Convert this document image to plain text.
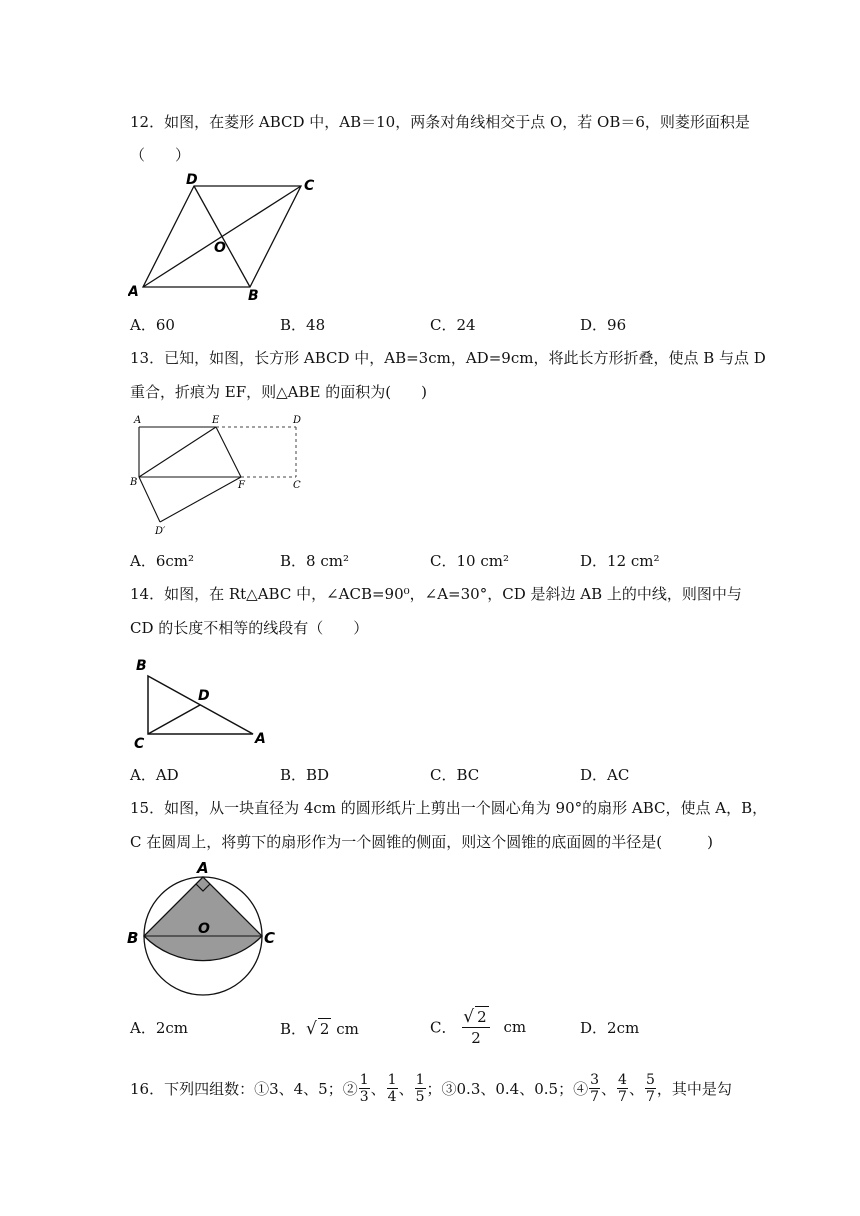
12．如图，在菱形 ABCD 中，AB＝10，两条对角线相交于点 O，若 OB＝6，则菱形面积是
（　　）
D	C
O
A	B
A．60	B．48	C．24	D．96
13．已知，如图，长方形 ABCD 中，AB=3cm，AD=9cm，将此长方形折叠，使点 B 与点 D
重合，折痕为 EF，则△ABE 的面积为(　　)
A	E	D
B	F	C
D′
A．6cm²	B．8 cm²	C．10 cm²	D．12 cm²
14．如图，在 Rt△ABC 中，∠ACB=90⁰，∠A=30°，CD 是斜边 AB 上的中线，则图中与
CD 的长度不相等的线段有（　　）
B
D
C	A
A．AD	B．BD	C．BC	D．AC
15．如图，从一块直径为 4cm 的圆形纸片上剪出一个圆心角为 90°的扇形 ABC，使点 A，B，
C 在圆周上，将剪下的扇形作为一个圆锥的侧面，则这个圆锥的底面圆的半径是(　　　)
A
B	C
O
A．2cm	B．√ 2 cm	C． $\frac{√ 2}{2}$ cm	D．2cm
16．下列四组数：①3、4、5；② $\frac{1}{3}$ 、 $\frac{1}{4}$ 、 $\frac{1}{5}$ ；③0.3、0.4、0.5；④ $\frac{3}{7}$ 、 $\frac{4}{7}$ 、 $\frac{5}{7}$ ，其中是勾
